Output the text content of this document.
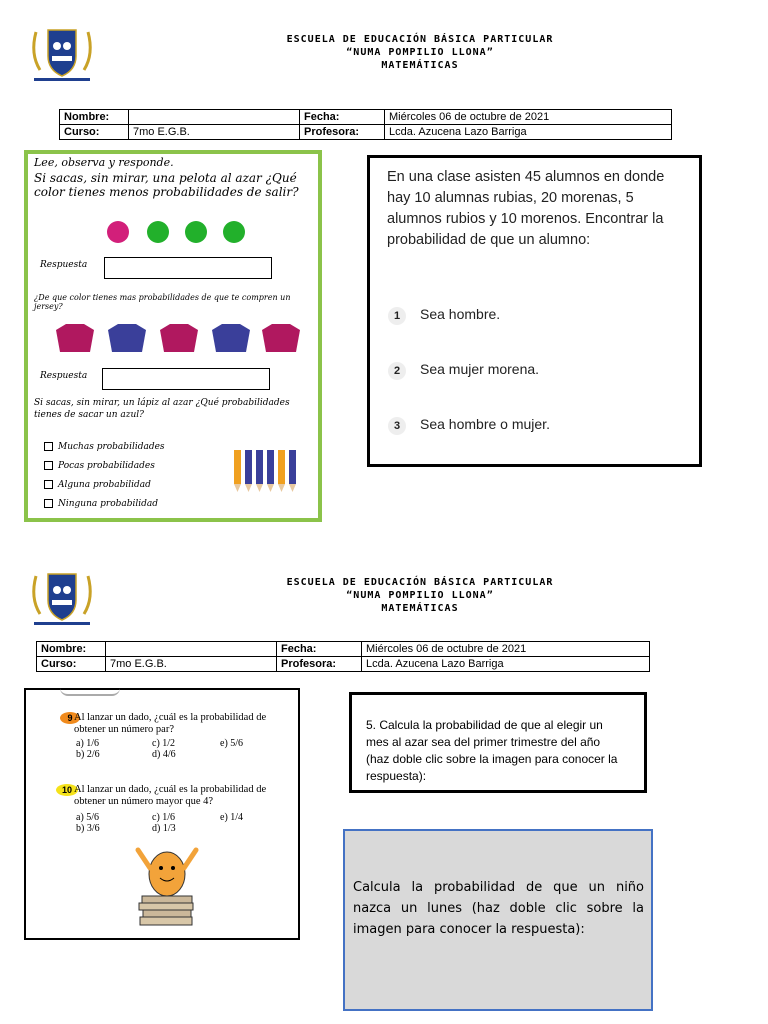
ESCUELA DE EDUCACIÓN BÁSICA PARTICULAR
“NUMA POMPILIO LLONA”
MATEMÁTICAS
Nombre:		Fecha:	Miércoles 06 de octubre de 2021
Curso:	7mo E.G.B.	Profesora:	Lcda. Azucena Lazo Barriga
Lee, observa y responde.
Si sacas, sin mirar, una pelota al azar ¿Qué color tienes menos probabilidades de salir?
Respuesta
¿De que color tienes mas probabilidades de que te compren un jersey?
Respuesta
Si sacas, sin mirar, un lápiz al azar ¿Qué probabilidades tienes de sacar un azul?
Muchas probabilidades
Pocas probabilidades
Alguna probabilidad
Ninguna probabilidad
En una clase asisten 45 alumnos en donde hay 10 alumnas rubias, 20 morenas, 5 alumnos rubios y 10 morenos. Encontrar la probabilidad de que un alumno:
1 Sea hombre.
2 Sea mujer morena.
3 Sea hombre o mujer.
ESCUELA DE EDUCACIÓN BÁSICA PARTICULAR
“NUMA POMPILIO LLONA”
MATEMÁTICAS
Nombre:		Fecha:	Miércoles 06 de octubre de 2021
Curso:	7mo E.G.B.	Profesora:	Lcda. Azucena Lazo Barriga
9 Al lanzar un dado, ¿cuál es la probabilidad de obtener un número par?
a) 1/6	c) 1/2	e) 5/6
b) 2/6	d) 4/6
10 Al lanzar un dado, ¿cuál es la probabilidad de obtener un número mayor que 4?
a) 5/6	c) 1/6	e) 1/4
b) 3/6	d) 1/3
5. Calcula la probabilidad de que al elegir un mes al azar sea del primer trimestre del año (haz doble clic sobre la imagen para conocer la respuesta):
Calcula la probabilidad de que un niño nazca un lunes (haz doble clic sobre la imagen para conocer la respuesta):
